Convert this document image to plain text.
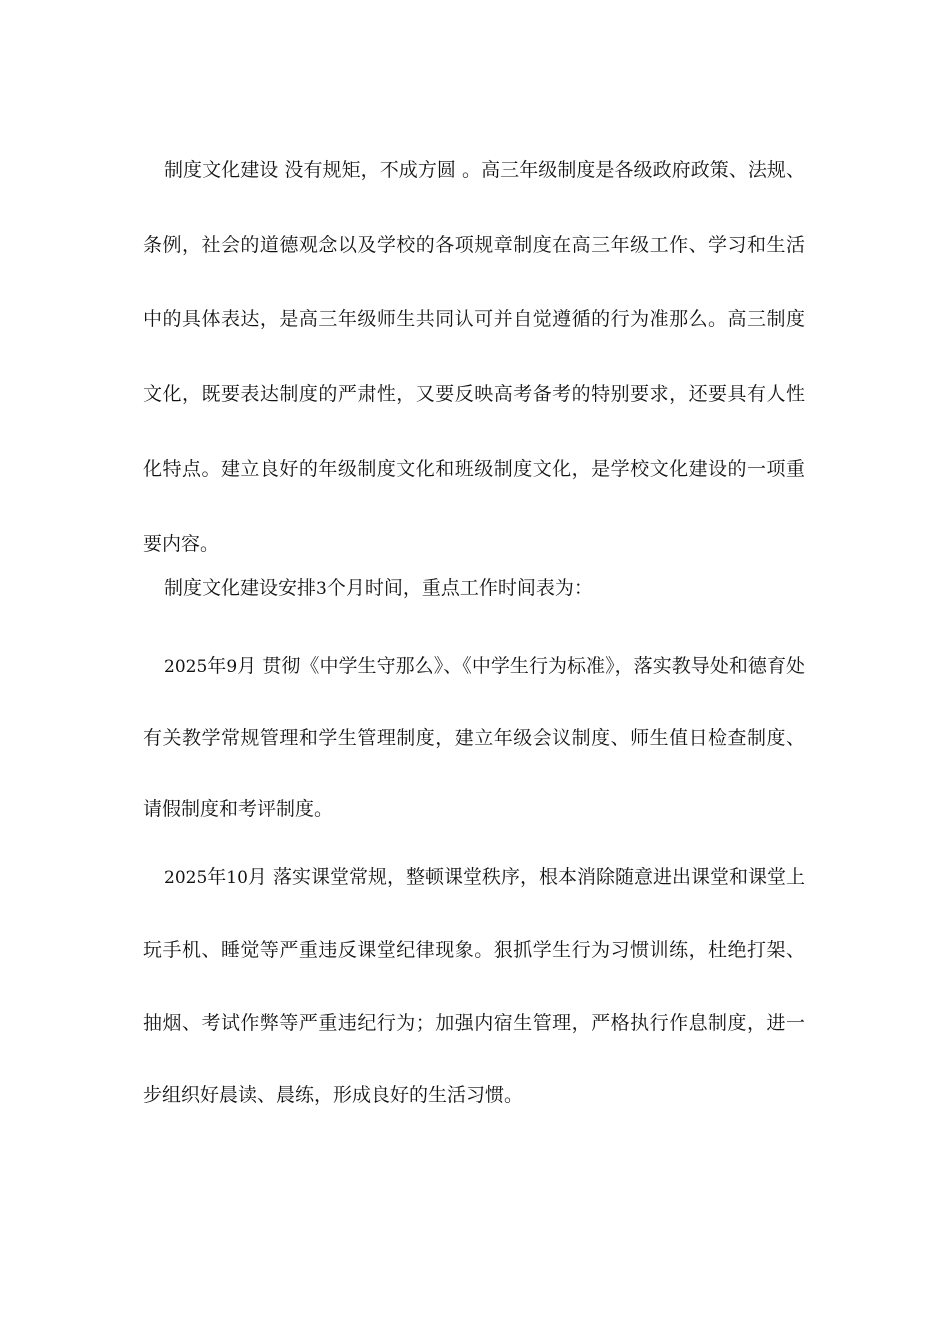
制度文化建设 没有规矩，不成方圆 。高三年级制度是各级政府政策、法规、条例，社会的道德观念以及学校的各项规章制度在高三年级工作、学习和生活中的具体表达，是高三年级师生共同认可并自觉遵循的行为准那么。高三制度文化，既要表达制度的严肃性，又要反映高考备考的特别要求，还要具有人性化特点。建立良好的年级制度文化和班级制度文化，是学校文化建设的一项重要内容。

制度文化建设安排3个月时间，重点工作时间表为：

2025年9月 贯彻《中学生守那么》、《中学生行为标准》，落实教导处和德育处有关教学常规管理和学生管理制度，建立年级会议制度、师生值日检查制度、请假制度和考评制度。

2025年10月 落实课堂常规，整顿课堂秩序，根本消除随意进出课堂和课堂上玩手机、睡觉等严重违反课堂纪律现象。狠抓学生行为习惯训练，杜绝打架、抽烟、考试作弊等严重违纪行为；加强内宿生管理，严格执行作息制度，进一步组织好晨读、晨练，形成良好的生活习惯。
